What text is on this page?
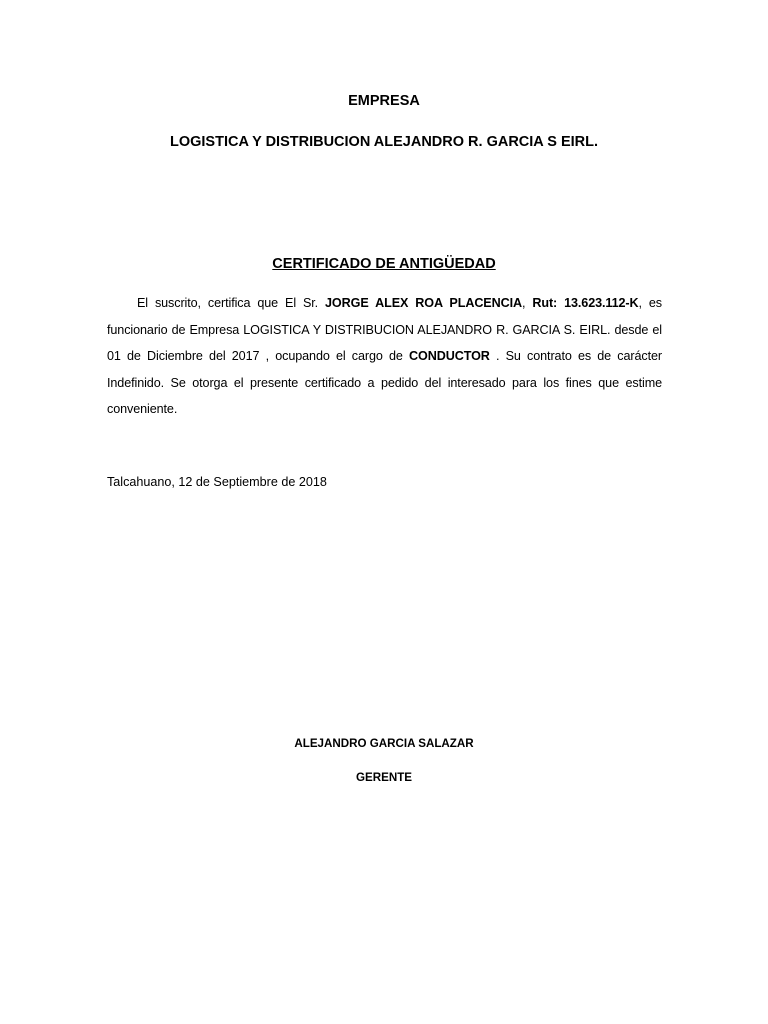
EMPRESA
LOGISTICA Y DISTRIBUCION ALEJANDRO R. GARCIA S EIRL.
CERTIFICADO DE ANTIGÜEDAD
El suscrito, certifica que El Sr. JORGE ALEX ROA PLACENCIA, Rut: 13.623.112-K, es funcionario de Empresa LOGISTICA Y DISTRIBUCION ALEJANDRO R. GARCIA S. EIRL. desde el 01 de Diciembre del 2017 , ocupando el cargo de CONDUCTOR . Su contrato es de carácter Indefinido. Se otorga el presente certificado a pedido del interesado para los fines que estime conveniente.
Talcahuano, 12 de Septiembre de 2018
ALEJANDRO GARCIA SALAZAR
GERENTE
